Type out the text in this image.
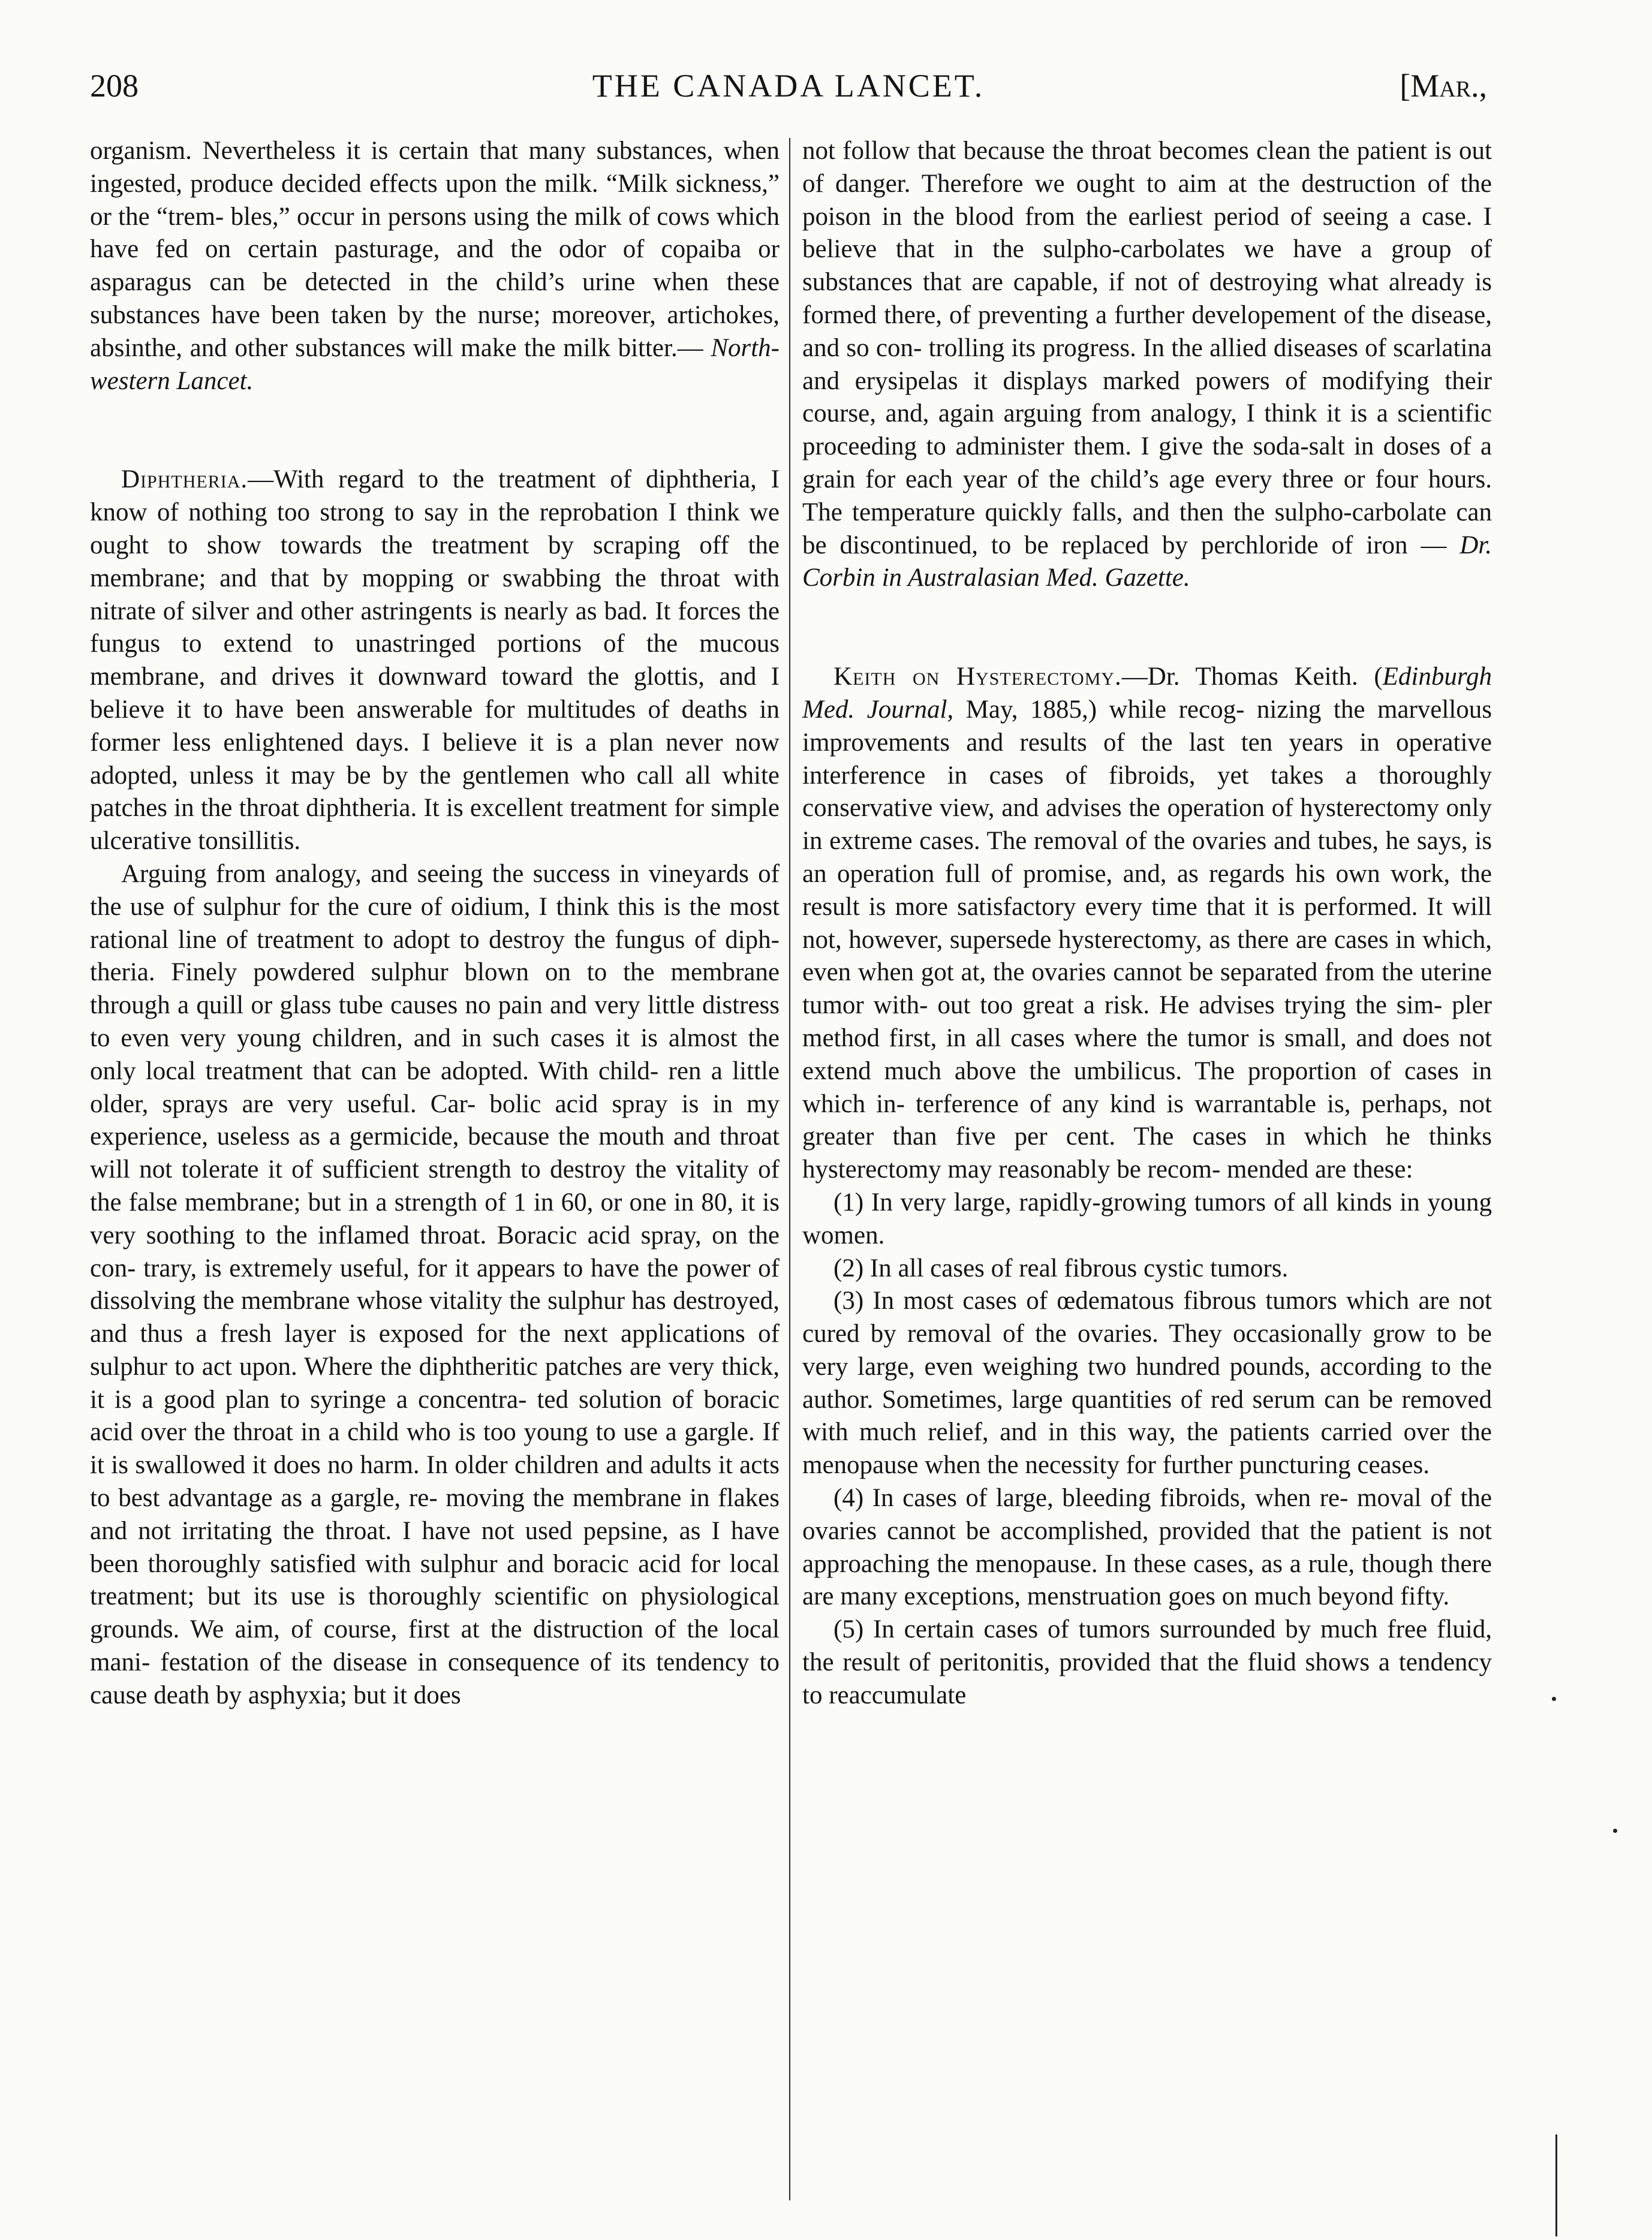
208	THE CANADA LANCET.	[Mar.,

organism. Nevertheless it is certain that many substances, when ingested, produce decided effects upon the milk. “Milk sickness,” or the “trem- bles,” occur in persons using the milk of cows which have fed on certain pasturage, and the odor of copaiba or asparagus can be detected in the child’s urine when these substances have been taken by the nurse; moreover, artichokes, absinthe, and other substances will make the milk bitter.— North-western Lancet.

Diphtheria.—With regard to the treatment of diphtheria, I know of nothing too strong to say in the reprobation I think we ought to show towards the treatment by scraping off the membrane; and that by mopping or swabbing the throat with nitrate of silver and other astringents is nearly as bad. It forces the fungus to extend to unastringed portions of the mucous membrane, and drives it downward toward the glottis, and I believe it to have been answerable for multitudes of deaths in former less enlightened days. I believe it is a plan never now adopted, unless it may be by the gentlemen who call all white patches in the throat diphtheria. It is excellent treatment for simple ulcerative tonsillitis.

Arguing from analogy, and seeing the success in vineyards of the use of sulphur for the cure of oidium, I think this is the most rational line of treatment to adopt to destroy the fungus of diph- theria. Finely powdered sulphur blown on to the membrane through a quill or glass tube causes no pain and very little distress to even very young children, and in such cases it is almost the only local treatment that can be adopted. With child- ren a little older, sprays are very useful. Car- bolic acid spray is in my experience, useless as a germicide, because the mouth and throat will not tolerate it of sufficient strength to destroy the vitality of the false membrane; but in a strength of 1 in 60, or one in 80, it is very soothing to the inflamed throat. Boracic acid spray, on the con- trary, is extremely useful, for it appears to have the power of dissolving the membrane whose vitality the sulphur has destroyed, and thus a fresh layer is exposed for the next applications of sulphur to act upon. Where the diphtheritic patches are very thick, it is a good plan to syringe a concentra- ted solution of boracic acid over the throat in a child who is too young to use a gargle. If it is swallowed it does no harm. In older children and adults it acts to best advantage as a gargle, re- moving the membrane in flakes and not irritating the throat. I have not used pepsine, as I have been thoroughly satisfied with sulphur and boracic acid for local treatment; but its use is thoroughly scientific on physiological grounds. We aim, of course, first at the distruction of the local mani- festation of the disease in consequence of its tendency to cause death by asphyxia; but it does

not follow that because the throat becomes clean the patient is out of danger. Therefore we ought to aim at the destruction of the poison in the blood from the earliest period of seeing a case. I believe that in the sulpho-carbolates we have a group of substances that are capable, if not of destroying what already is formed there, of preventing a further developement of the disease, and so con- trolling its progress. In the allied diseases of scarlatina and erysipelas it displays marked powers of modifying their course, and, again arguing from analogy, I think it is a scientific proceeding to administer them. I give the soda-salt in doses of a grain for each year of the child’s age every three or four hours. The temperature quickly falls, and then the sulpho-carbolate can be discontinued, to be replaced by perchloride of iron — Dr. Corbin in Australasian Med. Gazette.

Keith on Hysterectomy.—Dr. Thomas Keith. (Edinburgh Med. Journal, May, 1885,) while recog- nizing the marvellous improvements and results of the last ten years in operative interference in cases of fibroids, yet takes a thoroughly conservative view, and advises the operation of hysterectomy only in extreme cases. The removal of the ovaries and tubes, he says, is an operation full of promise, and, as regards his own work, the result is more satisfactory every time that it is performed. It will not, however, supersede hysterectomy, as there are cases in which, even when got at, the ovaries cannot be separated from the uterine tumor with- out too great a risk. He advises trying the sim- pler method first, in all cases where the tumor is small, and does not extend much above the umbilicus. The proportion of cases in which in- terference of any kind is warrantable is, perhaps, not greater than five per cent. The cases in which he thinks hysterectomy may reasonably be recom- mended are these:

(1) In very large, rapidly-growing tumors of all kinds in young women.

(2) In all cases of real fibrous cystic tumors.

(3) In most cases of œdematous fibrous tumors which are not cured by removal of the ovaries. They occasionally grow to be very large, even weighing two hundred pounds, according to the author. Sometimes, large quantities of red serum can be removed with much relief, and in this way, the patients carried over the menopause when the necessity for further puncturing ceases.

(4) In cases of large, bleeding fibroids, when re- moval of the ovaries cannot be accomplished, provided that the patient is not approaching the menopause. In these cases, as a rule, though there are many exceptions, menstruation goes on much beyond fifty.

(5) In certain cases of tumors surrounded by much free fluid, the result of peritonitis, provided that the fluid shows a tendency to reaccumulate
